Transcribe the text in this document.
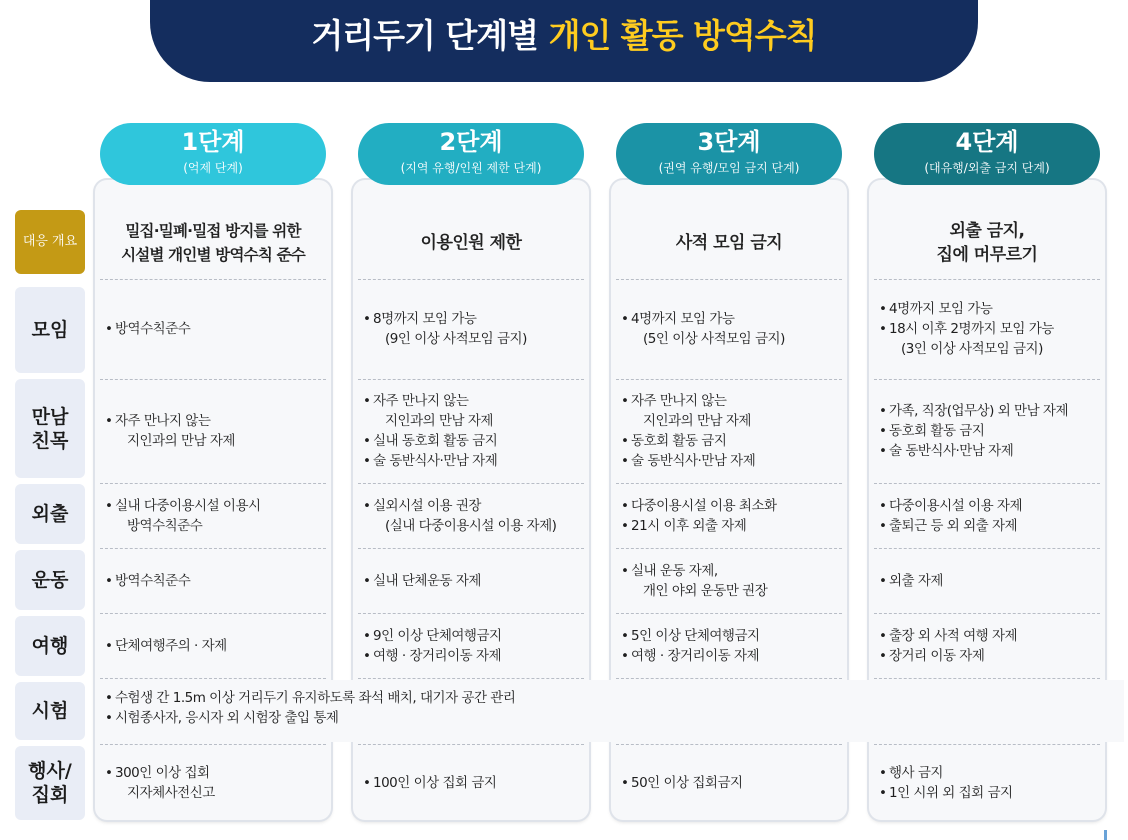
거리두기 단계별 개인 활동 방역수칙
1단계
(억제 단계)
2단계
(지역 유행/인원 제한 단계)
3단계
(권역 유행/모임 금지 단계)
4단계
(대유행/외출 금지 단계)
대응 개요
모임
만남
친목
외출
운동
여행
시험
행사/
집회
밀집·밀폐·밀접 방지를 위한
시설별 개인별 방역수칙 준수
• 방역수칙준수
• 자주 만나지 않는
지인과의 만남 자제
• 실내 다중이용시설 이용시
방역수칙준수
• 방역수칙준수
• 단체여행주의 · 자제
• 300인 이상 집회
지자체사전신고
이용인원 제한
• 8명까지 모임 가능
(9인 이상 사적모임 금지)
• 자주 만나지 않는
지인과의 만남 자제
• 실내 동호회 활동 금지
• 술 동반식사·만남 자제
• 실외시설 이용 권장
(실내 다중이용시설 이용 자제)
• 실내 단체운동 자제
• 9인 이상 단체여행금지
• 여행 · 장거리이동 자제
• 100인 이상 집회 금지
사적 모임 금지
• 4명까지 모임 가능
(5인 이상 사적모임 금지)
• 자주 만나지 않는
지인과의 만남 자제
• 동호회 활동 금지
• 술 동반식사·만남 자제
• 다중이용시설 이용 최소화
• 21시 이후 외출 자제
• 실내 운동 자제,
개인 야외 운동만 권장
• 5인 이상 단체여행금지
• 여행 · 장거리이동 자제
• 50인 이상 집회금지
외출 금지,
집에 머무르기
• 4명까지 모임 가능
• 18시 이후 2명까지 모임 가능
(3인 이상 사적모임 금지)
• 가족, 직장(업무상) 외 만남 자제
• 동호회 활동 금지
• 술 동반식사·만남 자제
• 다중이용시설 이용 자제
• 출퇴근 등 외 외출 자제
• 외출 자제
• 출장 외 사적 여행 자제
• 장거리 이동 자제
• 행사 금지
• 1인 시위 외 집회 금지
• 수험생 간 1.5m 이상 거리두기 유지하도록 좌석 배치, 대기자 공간 관리
• 시험종사자, 응시자 외 시험장 출입 통제
